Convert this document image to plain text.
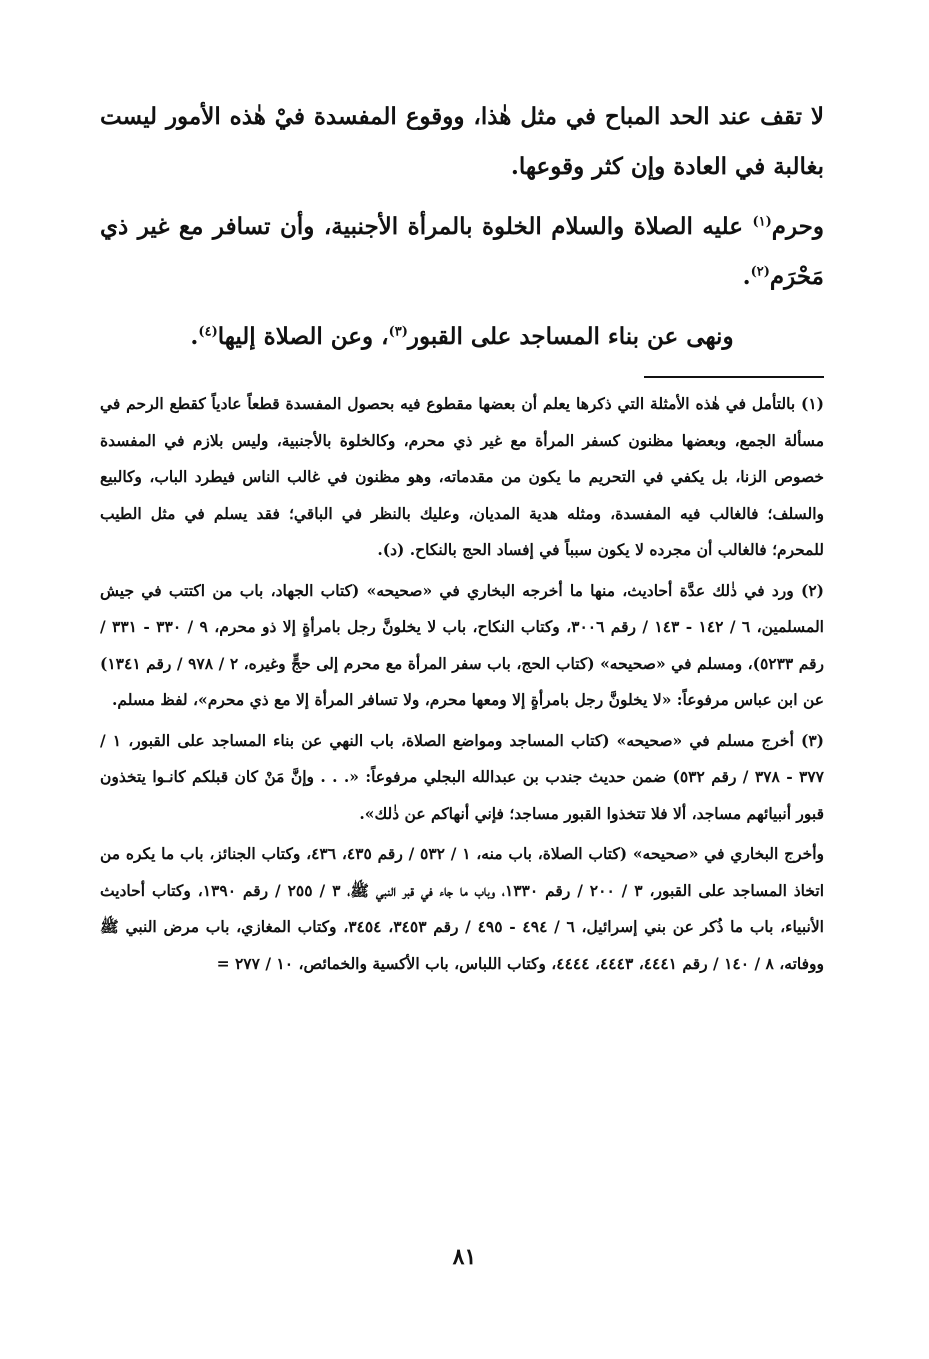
لا تقف عند الحد المباح في مثل هٰذا، ووقوع المفسدة فيْ هٰذه الأمور ليست بغالبة في العادة وإن كثر وقوعها.

وحرم$^{(١)}$ عليه الصلاة والسلام الخلوة بالمرأة الأجنبية، وأن تسافر مع غير ذي مَحْرَم$^{(٢)}$.

ونهى عن بناء المساجد على القبور$^{(٣)}$، وعن الصلاة إليها$^{(٤)}$.

(١) بالتأمل في هٰذه الأمثلة التي ذكرها يعلم أن بعضها مقطوع فيه بحصول المفسدة قطعاً عادياً كقطع الرحم في مسألة الجمع، وبعضها مظنون كسفر المرأة مع غير ذي محرم، وكالخلوة بالأجنبية، وليس بلازم في المفسدة خصوص الزنا، بل يكفي في التحريم ما يكون من مقدماته، وهو مظنون في غالب الناس فيطرد الباب، وكالبيع والسلف؛ فالغالب فيه المفسدة، ومثله هدية المديان، وعليك بالنظر في الباقي؛ فقد يسلم في مثل الطيب للمحرم؛ فالغالب أن مجرده لا يكون سبباً في إفساد الحج بالنكاح. (د).

(٢) ورد في ذٰلك عدَّة أحاديث، منها ما أخرجه البخاري في «صحيحه» (كتاب الجهاد، باب من اكتتب في جيش المسلمين، ٦ / ١٤٢ - ١٤٣ / رقم ٣٠٠٦، وكتاب النكاح، باب لا يخلونَّ رجل بامرأةٍ إلا ذو محرم، ٩ / ٣٣٠ - ٣٣١ / رقم ٥٢٣٣)، ومسلم في «صحيحه» (كتاب الحج، باب سفر المرأة مع محرم إلى حجٍّ وغيره، ٢ / ٩٧٨ / رقم ١٣٤١) عن ابن عباس مرفوعاً: «لا يخلونَّ رجل بامرأةٍ إلا ومعها محرم، ولا تسافر المرأة إلا مع ذي محرم»، لفظ مسلم.

(٣) أخرج مسلم في «صحيحه» (كتاب المساجد ومواضع الصلاة، باب النهي عن بناء المساجد على القبور، ١ / ٣٧٧ - ٣٧٨ / رقم ٥٣٢) ضمن حديث جندب بن عبدالله البجلي مرفوعاً: «. . . وإنَّ مَنْ كان قبلكم كانـوا يتخذون قبور أنبيائهم مساجد، ألا فلا تتخذوا القبور مساجد؛ فإني أنهاكم عن ذٰلك».

وأخرج البخاري في «صحيحه» (كتاب الصلاة، باب منه، ١ / ٥٣٢ / رقم ٤٣٥، ٤٣٦، وكتاب الجنائز، باب ما يكره من اتخاذ المساجد على القبور، ٣ / ٢٠٠ / رقم ١٣٣٠، وباب ما جاء في قبر النبي ﷺ، ٣ / ٢٥٥ / رقم ١٣٩٠، وكتاب أحاديث الأنبياء، باب ما ذُكر عن بني إسرائيل، ٦ / ٤٩٤ - ٤٩٥ / رقم ٣٤٥٣، ٣٤٥٤، وكتاب المغازي، باب مرض النبي ﷺ ووفاته، ٨ / ١٤٠ / رقم ٤٤٤١، ٤٤٤٣، ٤٤٤٤، وكتاب اللباس، باب الأكسية والخمائص، ١٠ / ٢٧٧ =

٨١
